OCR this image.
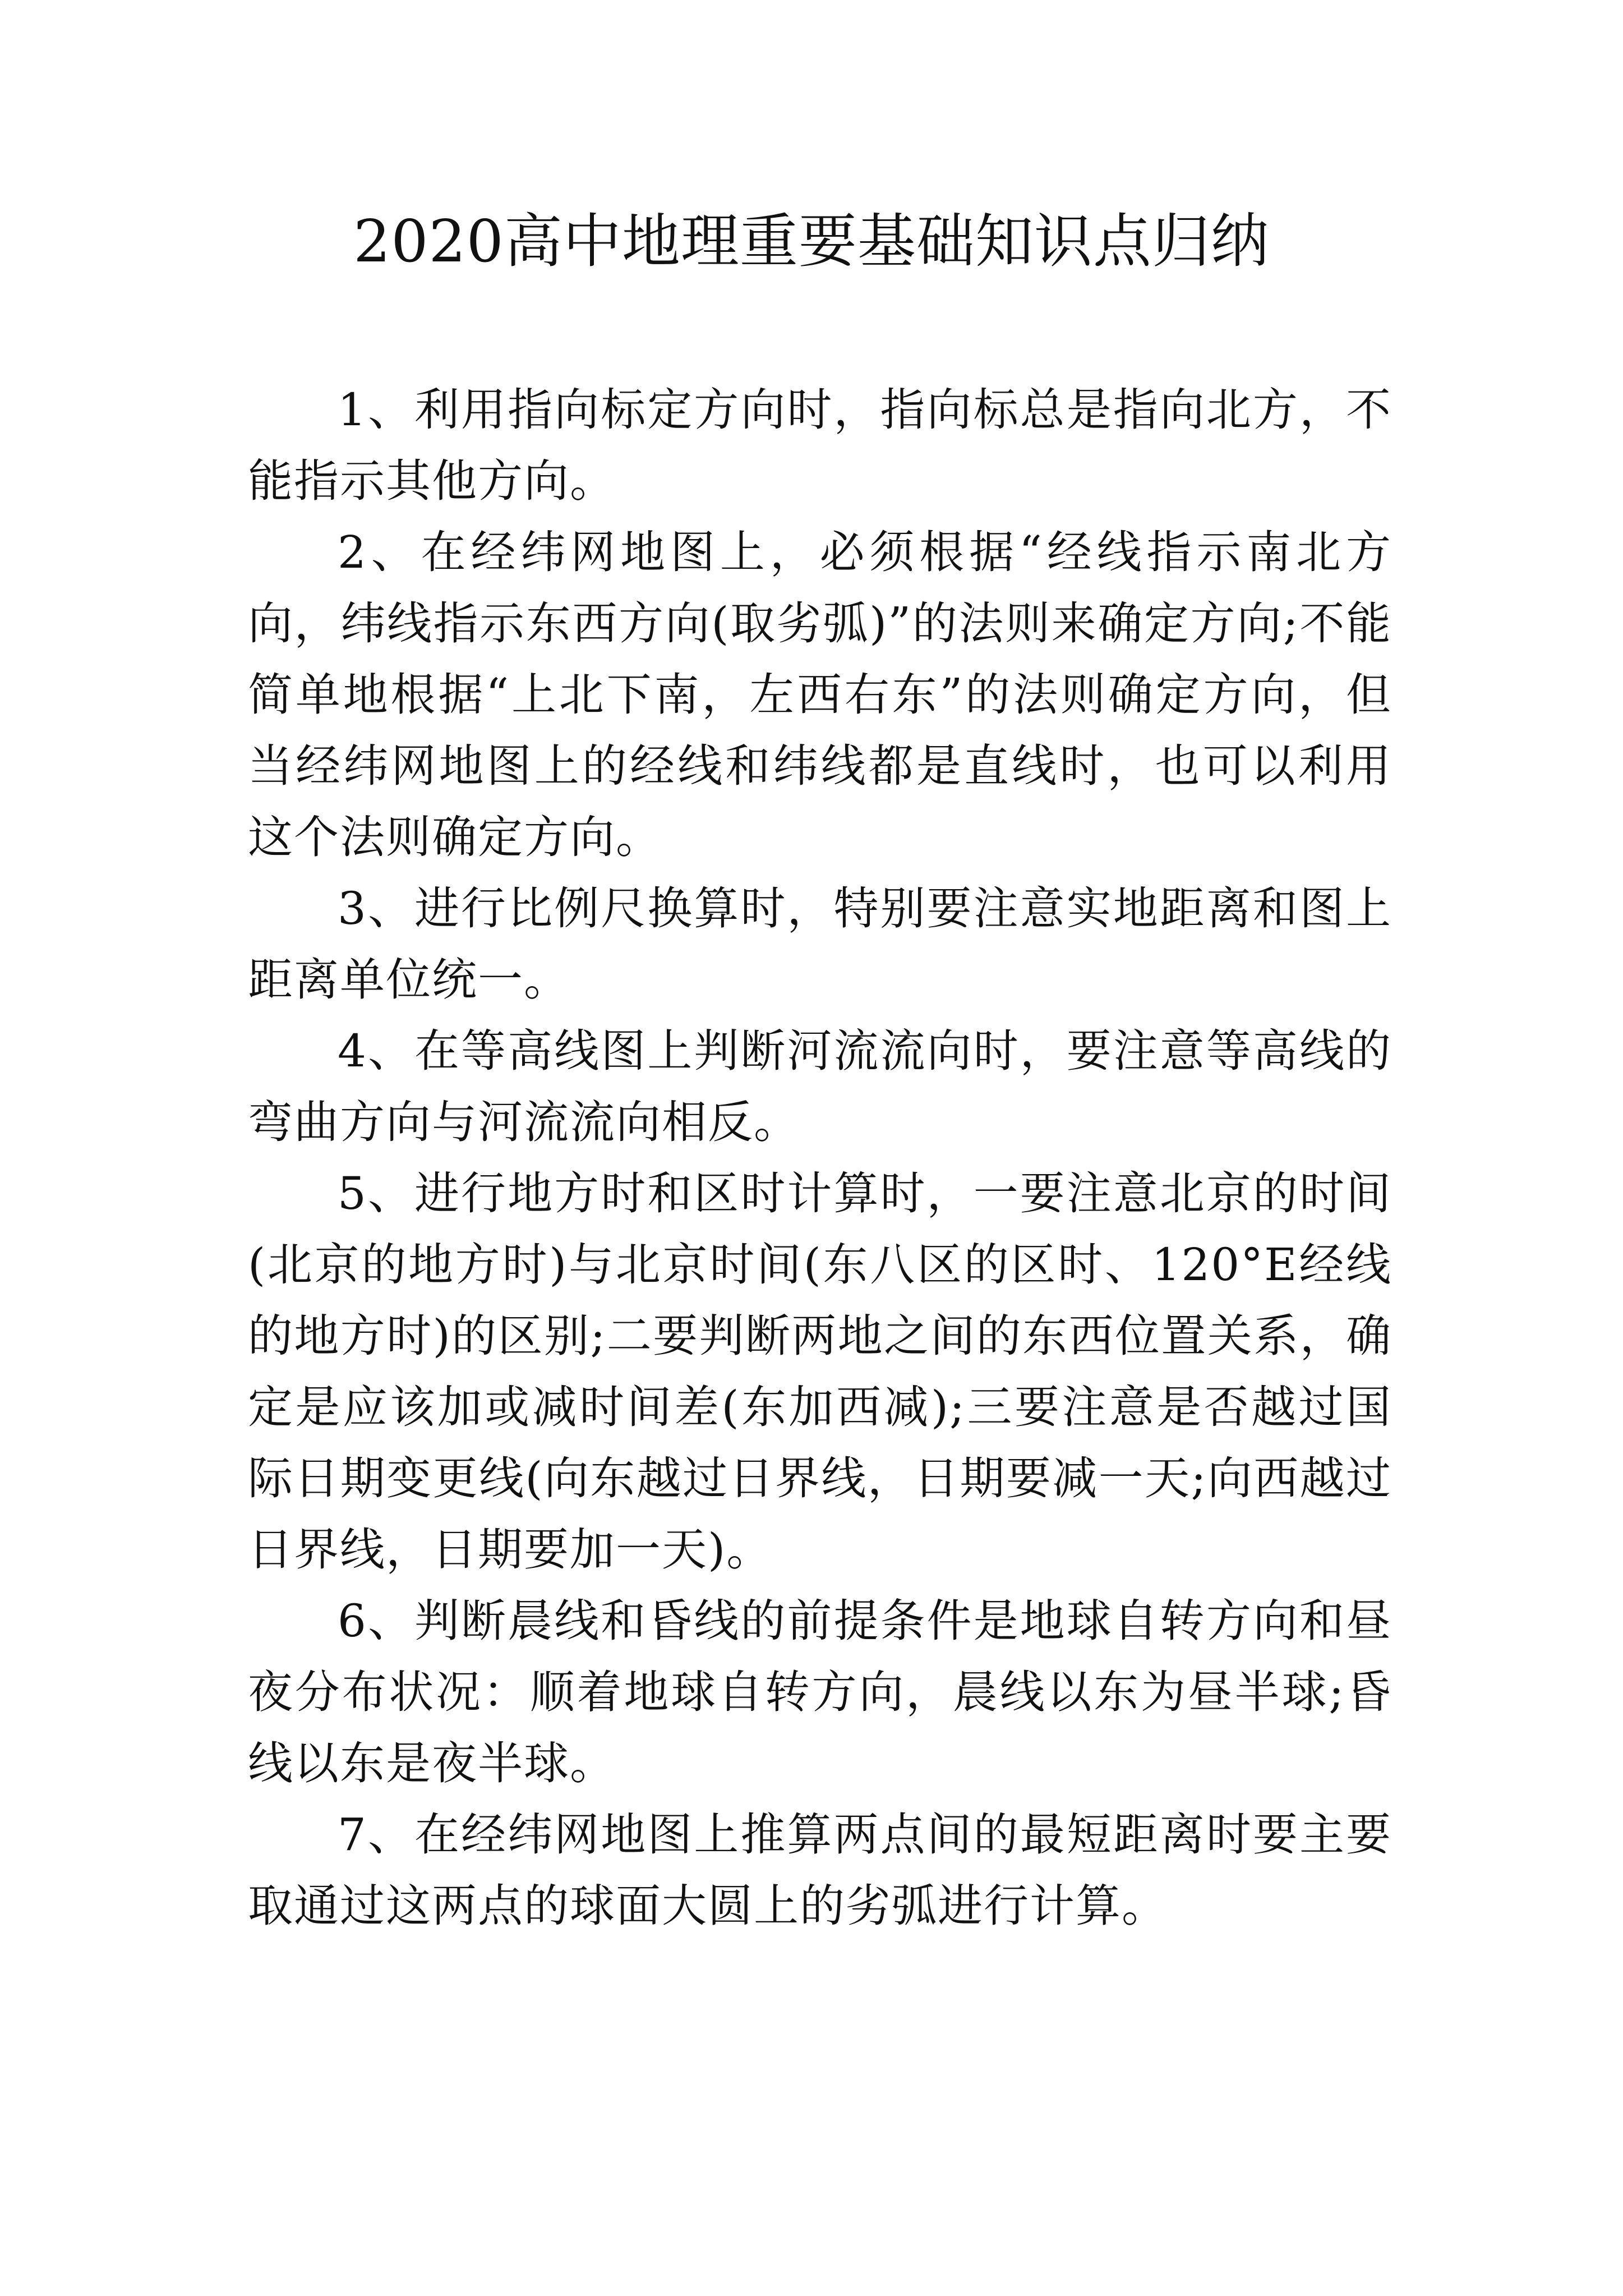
2020高中地理重要基础知识点归纳

1、利用指向标定方向时，指向标总是指向北方，不能指示其他方向。

2、在经纬网地图上，必须根据“经线指示南北方向，纬线指示东西方向(取劣弧)”的法则来确定方向;不能简单地根据“上北下南，左西右东”的法则确定方向，但当经纬网地图上的经线和纬线都是直线时，也可以利用这个法则确定方向。

3、进行比例尺换算时，特别要注意实地距离和图上距离单位统一。

4、在等高线图上判断河流流向时，要注意等高线的弯曲方向与河流流向相反。

5、进行地方时和区时计算时，一要注意北京的时间(北京的地方时)与北京时间(东八区的区时、120°E经线的地方时)的区别;二要判断两地之间的东西位置关系，确定是应该加或减时间差(东加西减);三要注意是否越过国际日期变更线(向东越过日界线，日期要减一天;向西越过日界线，日期要加一天)。

6、判断晨线和昏线的前提条件是地球自转方向和昼夜分布状况：顺着地球自转方向，晨线以东为昼半球;昏线以东是夜半球。

7、在经纬网地图上推算两点间的最短距离时要主要取通过这两点的球面大圆上的劣弧进行计算。
